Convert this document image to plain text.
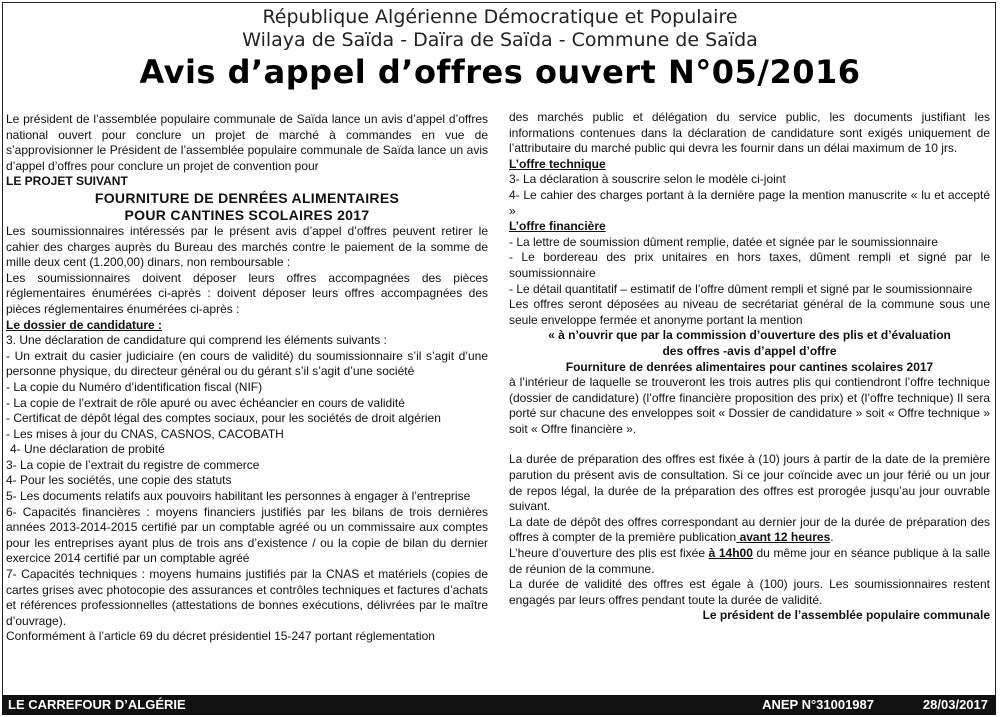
République Algérienne Démocratique et Populaire
Wilaya de Saïda - Daïra de Saïda - Commune de Saïda
Avis d’appel d’offres ouvert N°05/2016

Le président de l’assemblée populaire communale de Saïda lance un avis d’appel d’offres national ouvert pour conclure un projet de marché à commandes en vue de s’approvisionner le Président de l’assemblée populaire communale de Saïda lance un avis d’appel d’offres pour conclure un projet de convention pour

LE PROJET SUIVANT

FOURNITURE DE DENRÉES ALIMENTAIRES
POUR CANTINES SCOLAIRES 2017

Les soumissionnaires intéressés par le présent avis d’appel d’offres peuvent retirer le cahier des charges auprès du Bureau des marchés contre le paiement de la somme de mille deux cent (1.200,00) dinars, non remboursable :

Les soumissionnaires doivent déposer leurs offres accompagnées des pièces réglementaires énumérées ci-après : doivent déposer leurs offres accompagnées des pièces réglementaires énumérées ci-après :

Le dossier de candidature :

3. Une déclaration de candidature qui comprend les éléments suivants :

- Un extrait du casier judiciaire (en cours de validité) du soumissionnaire s’il s’agit d’une personne physique, du directeur général ou du gérant s’il s’agit d’une société

- La copie du Numéro d’identification fiscal (NIF)

- La copie de l’extrait de rôle apuré ou avec échéancier en cours de validité

- Certificat de dépôt légal des comptes sociaux, pour les sociétés de droit algérien

- Les mises à jour du CNAS, CASNOS, CACOBATH

4- Une déclaration de probité

3- La copie de l’extrait du registre de commerce

4- Pour les sociétés, une copie des statuts

5- Les documents relatifs aux pouvoirs habilitant les personnes à engager à l’entreprise

6- Capacités financières : moyens financiers justifiés par les bilans de trois dernières années 2013-2014-2015 certifié par un comptable agréé ou un commissaire aux comptes pour les entreprises ayant plus de trois ans d’existence / ou la copie de bilan du dernier exercice 2014 certifié par un comptable agréé

7- Capacités techniques : moyens humains justifiés par la CNAS et matériels (copies de cartes grises avec photocopie des assurances et contrôles techniques et factures d’achats et références professionnelles (attestations de bonnes exécutions, délivrées par le maître d’ouvrage).

Conformément à l’article 69 du décret présidentiel 15-247 portant réglementation

des marchés public et délégation du service public, les documents justifiant les informations contenues dans la déclaration de candidature sont exigés uniquement de l’attributaire du marché public qui devra les fournir dans un délai maximum de 10 jrs.

L’offre technique

3- La déclaration à souscrire selon le modèle ci-joint

4- Le cahier des charges portant à la dernière page la mention manuscrite « lu et accepté »

L’offre financière

- La lettre de soumission dûment remplie, datée et signée par le soumissionnaire

- Le bordereau des prix unitaires en hors taxes, dûment rempli et signé par le soumissionnaire

- Le détail quantitatif – estimatif de l’offre dûment rempli et signé par le soumissionnaire

Les offres seront déposées au niveau de secrétariat général de la commune sous une seule enveloppe fermée et anonyme portant la mention

« à n’ouvrir que par la commission d’ouverture des plis et d’évaluation

des offres -avis d’appel d’offre

Fourniture de denrées alimentaires pour cantines scolaires 2017

à l’intérieur de laquelle se trouveront les trois autres plis qui contiendront l’offre technique (dossier de candidature) (l’offre financière proposition des prix) et (l’offre technique) Il sera porté sur chacune des enveloppes soit « Dossier de candidature » soit « Offre technique » soit « Offre financière ».

La durée de préparation des offres est fixée à (10) jours à partir de la date de la première parution du présent avis de consultation. Si ce jour coïncide avec un jour férié ou un jour de repos légal, la durée de la préparation des offres est prorogée jusqu’au jour ouvrable suivant.

La date de dépôt des offres correspondant au dernier jour de la durée de préparation des offres à compter de la première publication avant 12 heures.

L’heure d’ouverture des plis est fixée à 14h00 du même jour en séance publique à la salle de réunion de la commune.

La durée de validité des offres est égale à (100) jours. Les soumissionnaires restent engagés par leurs offres pendant toute la durée de validité.

Le président de l’assemblée populaire communale

LE CARREFOUR D’ALGÉRIE	ANEP N°31001987	28/03/2017
